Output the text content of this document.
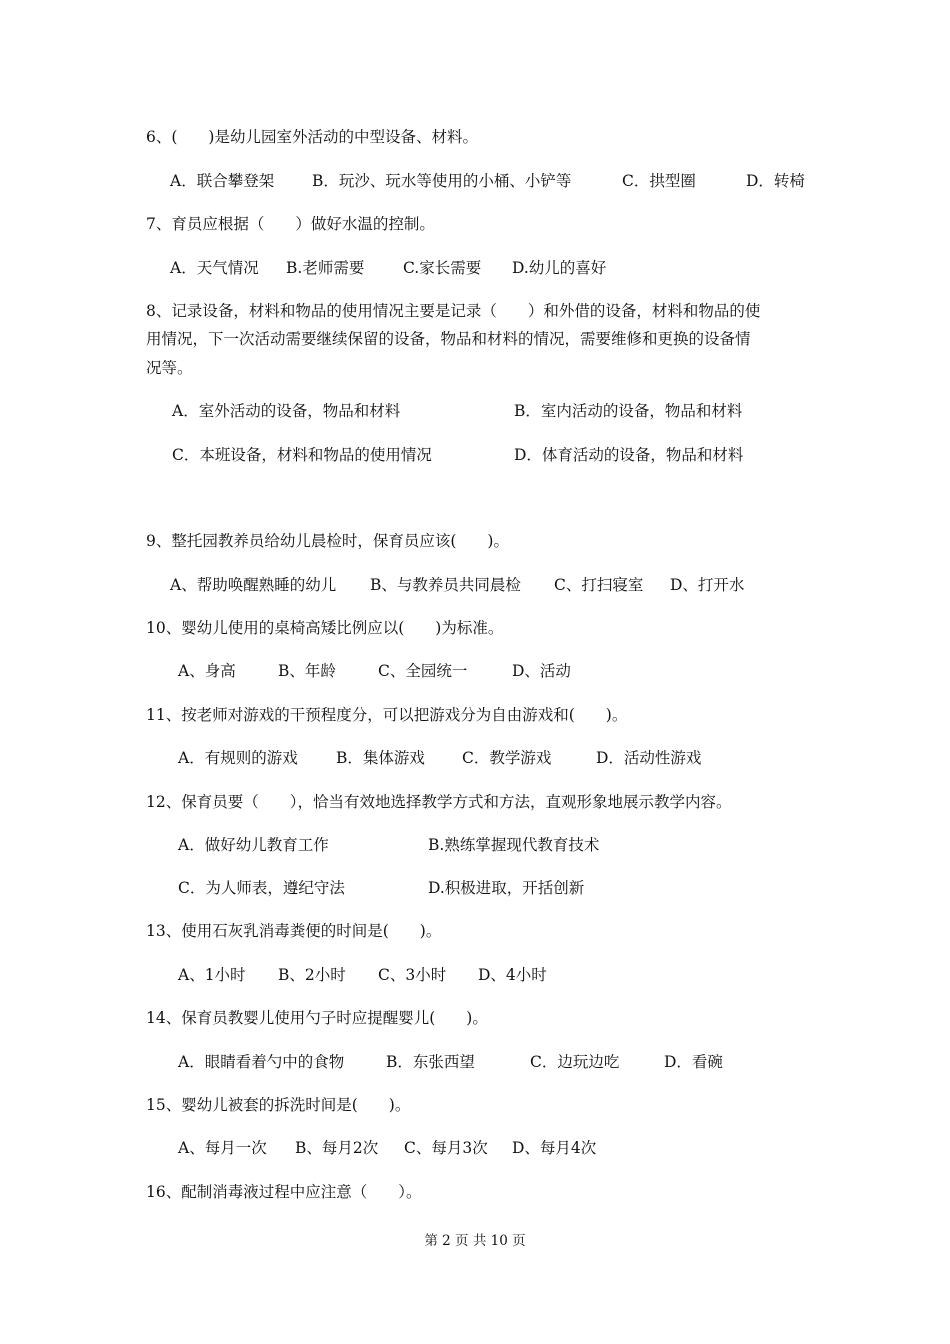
6、(　　)是幼儿园室外活动的中型设备、材料。
A．联合攀登架 B．玩沙、玩水等使用的小桶、小铲等	C．拱型圈	D．转椅
7、育员应根据（　　）做好水温的控制。
A．天气情况 B.老师需要 C.家长需要 D.幼儿的喜好
8、记录设备，材料和物品的使用情况主要是记录（　　）和外借的设备，材料和物品的使
用情况，下一次活动需要继续保留的设备，物品和材料的情况，需要维修和更换的设备情
况等。
A．室外活动的设备，物品和材料	B．室内活动的设备，物品和材料
C．本班设备，材料和物品的使用情况	D．体育活动的设备，物品和材料
9、整托园教养员给幼儿晨检时，保育员应该(　　)。
A、帮助唤醒熟睡的幼儿 B、与教养员共同晨检 C、打扫寝室 D、打开水
10、婴幼儿使用的桌椅高矮比例应以(　　)为标准。
A、身高	B、年龄	C、全园统一	D、活动
11、按老师对游戏的干预程度分，可以把游戏分为自由游戏和(　　)。
A．有规则的游戏 B．集体游戏 C．教学游戏	D．活动性游戏
12、保育员要（　　），恰当有效地选择教学方式和方法，直观形象地展示教学内容。
A．做好幼儿教育工作	B.熟练掌握现代教育技术
C．为人师表，遵纪守法	D.积极进取，开括创新
13、使用石灰乳消毒粪便的时间是(　　)。
A、1小时 B、2小时 C、3小时 D、4小时
14、保育员教婴儿使用勺子时应提醒婴儿(　　)。
A．眼睛看着勺中的食物	B．东张西望	C．边玩边吃	D．看碗
15、婴幼儿被套的拆洗时间是(　　)。
A、每月一次 B、每月2次 C、每月3次 D、每月4次
16、配制消毒液过程中应注意（　　）。
第 2 页 共 10 页
